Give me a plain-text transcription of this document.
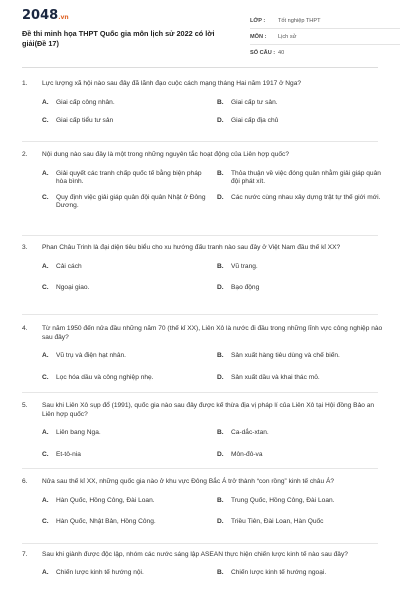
2048.vn
Đề thi minh họa THPT Quốc gia môn lịch sử 2022 có lời giải(Đề 17)
LỚP :	Tốt nghiệp THPT
MÔN :	Lịch sử
SỐ CÂU : 40
1.	Lực lượng xã hội nào sau đây đã lãnh đạo cuộc cách mạng tháng Hai năm 1917 ở Nga?
A.	Giai cấp công nhân.	B.	Giai cấp tư sản.
C.	Giai cấp tiểu tư sản	D.	Giai cấp địa chủ
2.	Nội dung nào sau đây là một trong những nguyên tắc hoạt động của Liên hợp quốc?
A.	Giải quyết các tranh chấp quốc tế bằng biện pháp hòa bình.
B.	Thỏa thuận về việc đóng quân nhằm giải giáp quân đội phát xít.
C.	Quy định việc giải giáp quân đội quân Nhật ở Đông Dương.
D.	Các nước cùng nhau xây dựng trật tự thế giới mới.
3.	Phan Châu Trinh là đại diện tiêu biểu cho xu hướng đấu tranh nào sau đây ở Việt Nam đầu thế kỉ XX?
A.	Cải cách	B.	Vũ trang.
C.	Ngoại giao.	D.	Bạo động
4.	Từ năm 1950 đến nửa đầu những năm 70 (thế kỉ XX), Liên Xô là nước đi đầu trong những lĩnh vực công nghiệp nào sau đây?
A.	Vũ trụ và điện hạt nhân.	B.	Sản xuất hàng tiêu dùng và chế biến.
C.	Lọc hóa dầu và công nghiệp nhẹ.	D.	Sản xuất dầu và khai thác mỏ.
5.	Sau khi Liên Xô sụp đổ (1991), quốc gia nào sau đây được kế thừa địa vị pháp lí của Liên Xô tại Hội đồng Bảo an Liên hợp quốc?
A.	Liên bang Nga.	B.	Ca-dắc-xtan.
C.	Et-tô-nia	D.	Môn-đô-va
6.	Nửa sau thế kỉ XX, những quốc gia nào ở khu vực Đông Bắc Á trở thành “con rồng” kinh tế châu Á?
A.	Hàn Quốc, Hồng Công, Đài Loan.	B.	Trung Quốc, Hồng Công, Đài Loan.
C.	Hàn Quốc, Nhật Bản, Hồng Công.	D.	Triều Tiên, Đài Loan, Hàn Quốc
7.	Sau khi giành được độc lập, nhóm các nước sáng lập ASEAN thực hiện chiến lược kinh tế nào sau đây?
A.	Chiến lược kinh tế hướng nội.	B.	Chiến lược kinh tế hướng ngoại.
